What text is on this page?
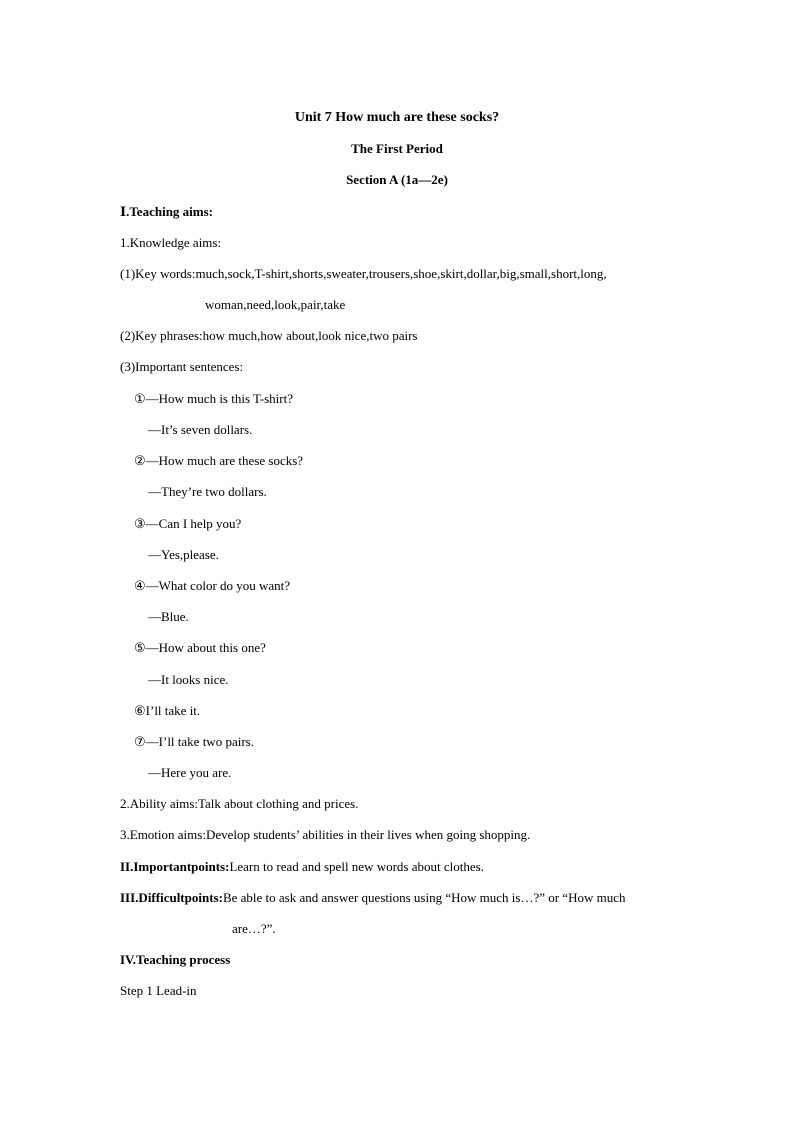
Unit 7 How much are these socks?
The First Period
Section A (1a—2e)
Ⅰ.Teaching aims:
1.Knowledge aims:
(1)Key words:much,sock,T-shirt,shorts,sweater,trousers,shoe,skirt,dollar,big,small,short,long,
woman,need,look,pair,take
(2)Key phrases:how much,how about,look nice,two pairs
(3)Important sentences:
①—How much is this T-shirt?
—It’s seven dollars.
②—How much are these socks?
—They’re two dollars.
③—Can I help you?
—Yes,please.
④—What color do you want?
—Blue.
⑤—How about this one?
—It looks nice.
⑥I’ll take it.
⑦—I’ll take two pairs.
—Here you are.
2.Ability aims:Talk about clothing and prices.
3.Emotion aims:Develop students’ abilities in their lives when going shopping.
II.Importantpoints:Learn to read and spell new words about clothes.
III.Difficultpoints:Be able to ask and answer questions using “How much is…?” or “How much
are…?”.
IV.Teaching process
Step 1 Lead-in
